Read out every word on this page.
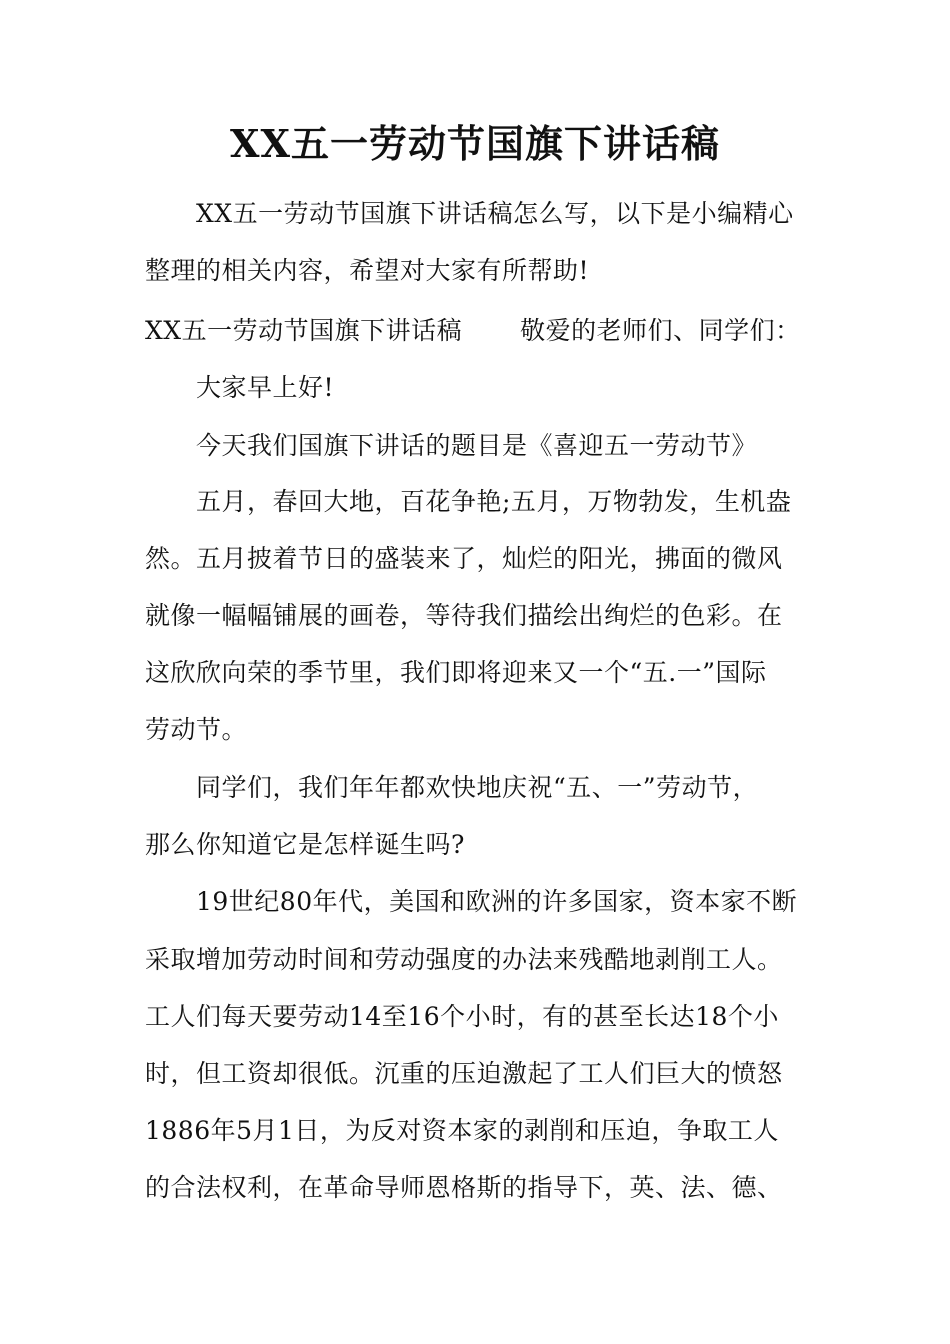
XX五一劳动节国旗下讲话稿
XX五一劳动节国旗下讲话稿怎么写，以下是小编精心
整理的相关内容，希望对大家有所帮助!
XX五一劳动节国旗下讲话稿 敬爱的老师们、同学们：
大家早上好!
今天我们国旗下讲话的题目是《喜迎五一劳动节》
五月，春回大地，百花争艳;五月，万物勃发，生机盎
然。五月披着节日的盛装来了，灿烂的阳光，拂面的微风
就像一幅幅铺展的画卷，等待我们描绘出绚烂的色彩。在
这欣欣向荣的季节里，我们即将迎来又一个“五.一”国际
劳动节。
同学们，我们年年都欢快地庆祝“五、一”劳动节，
那么你知道它是怎样诞生吗?
19世纪80年代，美国和欧洲的许多国家，资本家不断
采取增加劳动时间和劳动强度的办法来残酷地剥削工人。
工人们每天要劳动14至16个小时，有的甚至长达18个小
时，但工资却很低。沉重的压迫激起了工人们巨大的愤怒
1886年5月1日，为反对资本家的剥削和压迫，争取工人
的合法权利，在革命导师恩格斯的指导下，英、法、德、
